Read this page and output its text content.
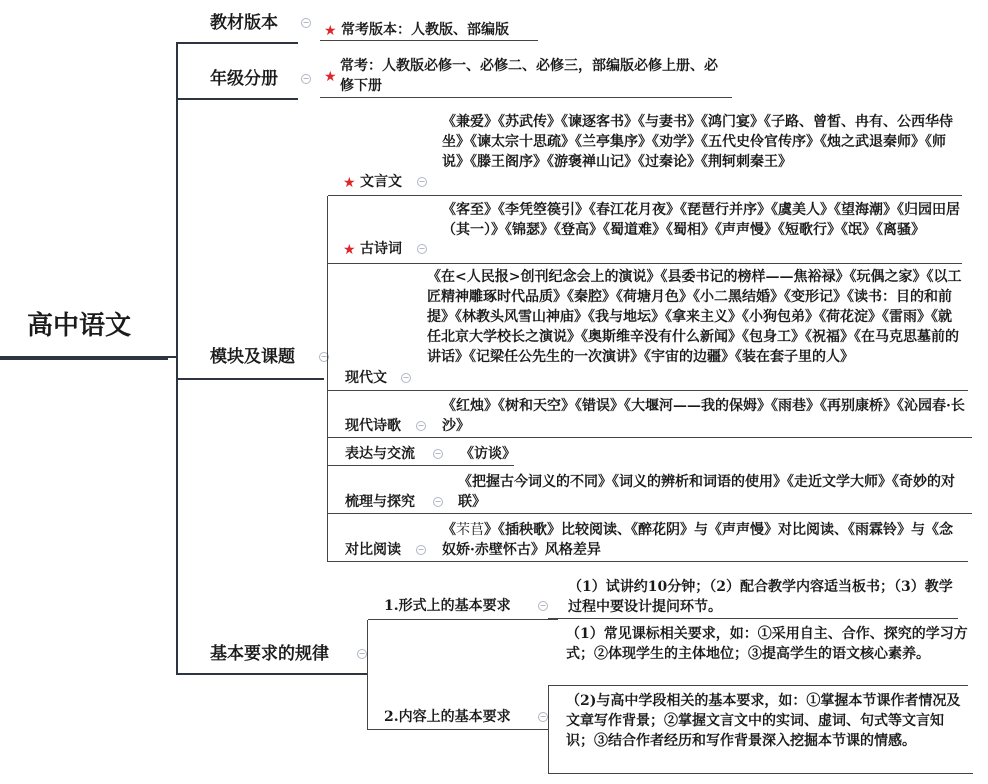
高中语文
教材版本	−
★ 常考版本：人教版、部编版
年级分册	− ★
常考：人教版必修一、必修二、必修三，部编版必修上册、必修下册
模块及课题	−
★ 文言文 −
《兼爱》《苏武传》《谏逐客书》《与妻书》《鸿门宴》《子路、曾皙、冉有、公西华侍坐》《谏太宗十思疏》《兰亭集序》《劝学》《五代史伶官传序》《烛之武退秦师》《师说》《滕王阁序》《游褒禅山记》《过秦论》《荆轲刺秦王》
★ 古诗词 −
《客至》《李凭箜篌引》《春江花月夜》《琵琶行并序》《虞美人》《望海潮》《归园田居（其一）》《锦瑟》《登高》《蜀道难》《蜀相》《声声慢》《短歌行》《氓》《离骚》
现代文 −
《在<人民报>创刊纪念会上的演说》《县委书记的榜样——焦裕禄》《玩偶之家》《以工匠精神雕琢时代品质》《秦腔》《荷塘月色》《小二黑结婚》《变形记》《读书：目的和前提》《林教头风雪山神庙》《我与地坛》《拿来主义》《小狗包弟》《荷花淀》《雷雨》《就任北京大学校长之演说》《奥斯维辛没有什么新闻》《包身工》《祝福》《在马克思墓前的讲话》《记梁任公先生的一次演讲》《宇宙的边疆》《装在套子里的人》
现代诗歌 −
《红烛》《树和天空》《错误》《大堰河——我的保姆》《雨巷》《再别康桥》《沁园春·长沙》
表达与交流 − 《访谈》
梳理与探究 −
《把握古今词义的不同》《词义的辨析和词语的使用》《走近文学大师》《奇妙的对联》
对比阅读 −
《芣苢》《插秧歌》比较阅读、《醉花阴》与《声声慢》对比阅读、《雨霖铃》与《念奴娇·赤壁怀古》风格差异
基本要求的规律	−
1.形式上的基本要求	−
（1）试讲约10分钟；（2）配合教学内容适当板书；（3）教学过程中要设计提问环节。
2.内容上的基本要求	−
（1）常见课标相关要求，如：①采用自主、合作、探究的学习方式；②体现学生的主体地位；③提高学生的语文核心素养。
（2)与高中学段相关的基本要求，如：①掌握本节课作者情况及文章写作背景；②掌握文言文中的实词、虚词、句式等文言知识；③结合作者经历和写作背景深入挖掘本节课的情感。
